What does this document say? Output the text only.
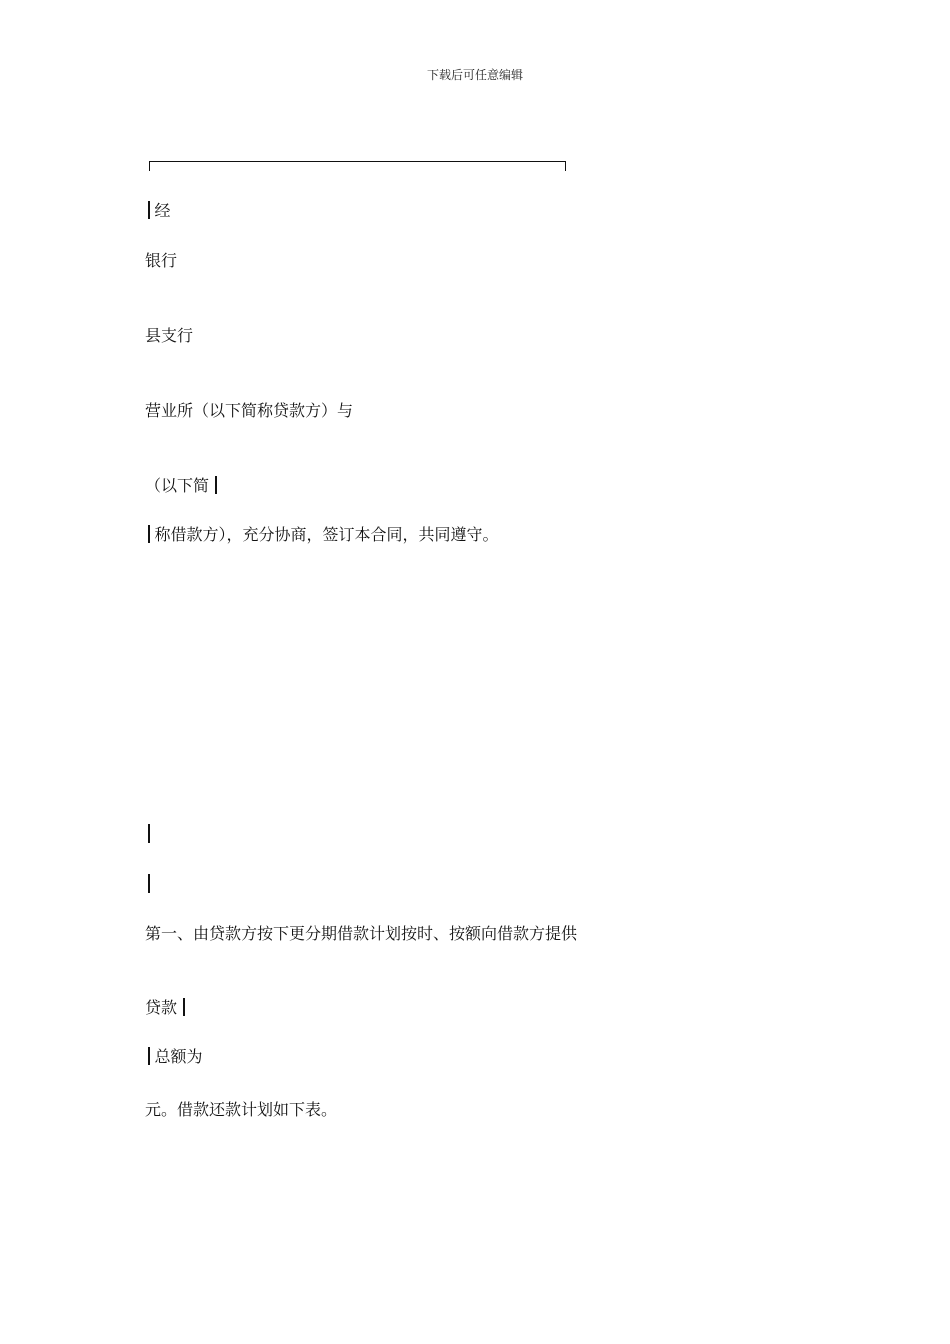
下载后可任意编辑
经
银行
县支行
营业所（以下简称贷款方）与
（以下简
称借款方），充分协商，签订本合同，共同遵守。
第一、由贷款方按下更分期借款计划按时、按额向借款方提供
贷款
总额为
元。借款还款计划如下表。
